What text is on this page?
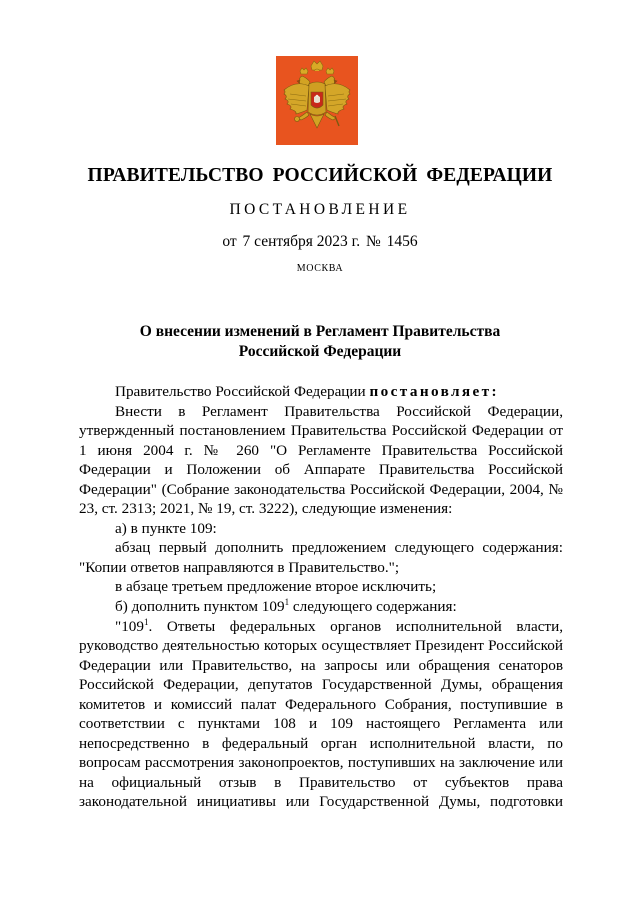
ПРАВИТЕЛЬСТВО РОССИЙСКОЙ ФЕДЕРАЦИИ
ПОСТАНОВЛЕНИЕ
от 7 сентября 2023 г. № 1456
МОСКВА
О внесении изменений в Регламент Правительства
Российской Федерации
Правительство Российской Федерации постановляет:
Внести в Регламент Правительства Российской Федерации, утвержденный постановлением Правительства Российской Федерации от 1 июня 2004 г. № 260 "О Регламенте Правительства Российской Федерации и Положении об Аппарате Правительства Российской Федерации" (Собрание законодательства Российской Федерации, 2004, № 23, ст. 2313; 2021, № 19, ст. 3222), следующие изменения:
а) в пункте 109:
абзац первый дополнить предложением следующего содержания: "Копии ответов направляются в Правительство.";
в абзаце третьем предложение второе исключить;
б) дополнить пунктом $109^1$ следующего содержания:
"$109^1$. Ответы федеральных органов исполнительной власти, руководство деятельностью которых осуществляет Президент Российской Федерации или Правительство, на запросы или обращения сенаторов Российской Федерации, депутатов Государственной Думы, обращения комитетов и комиссий палат Федерального Собрания, поступившие в соответствии с пунктами 108 и 109 настоящего Регламента или непосредственно в федеральный орган исполнительной власти, по вопросам рассмотрения законопроектов, поступивших на заключение или на официальный отзыв в Правительство от субъектов права законодательной инициативы или Государственной Думы, подготовки
